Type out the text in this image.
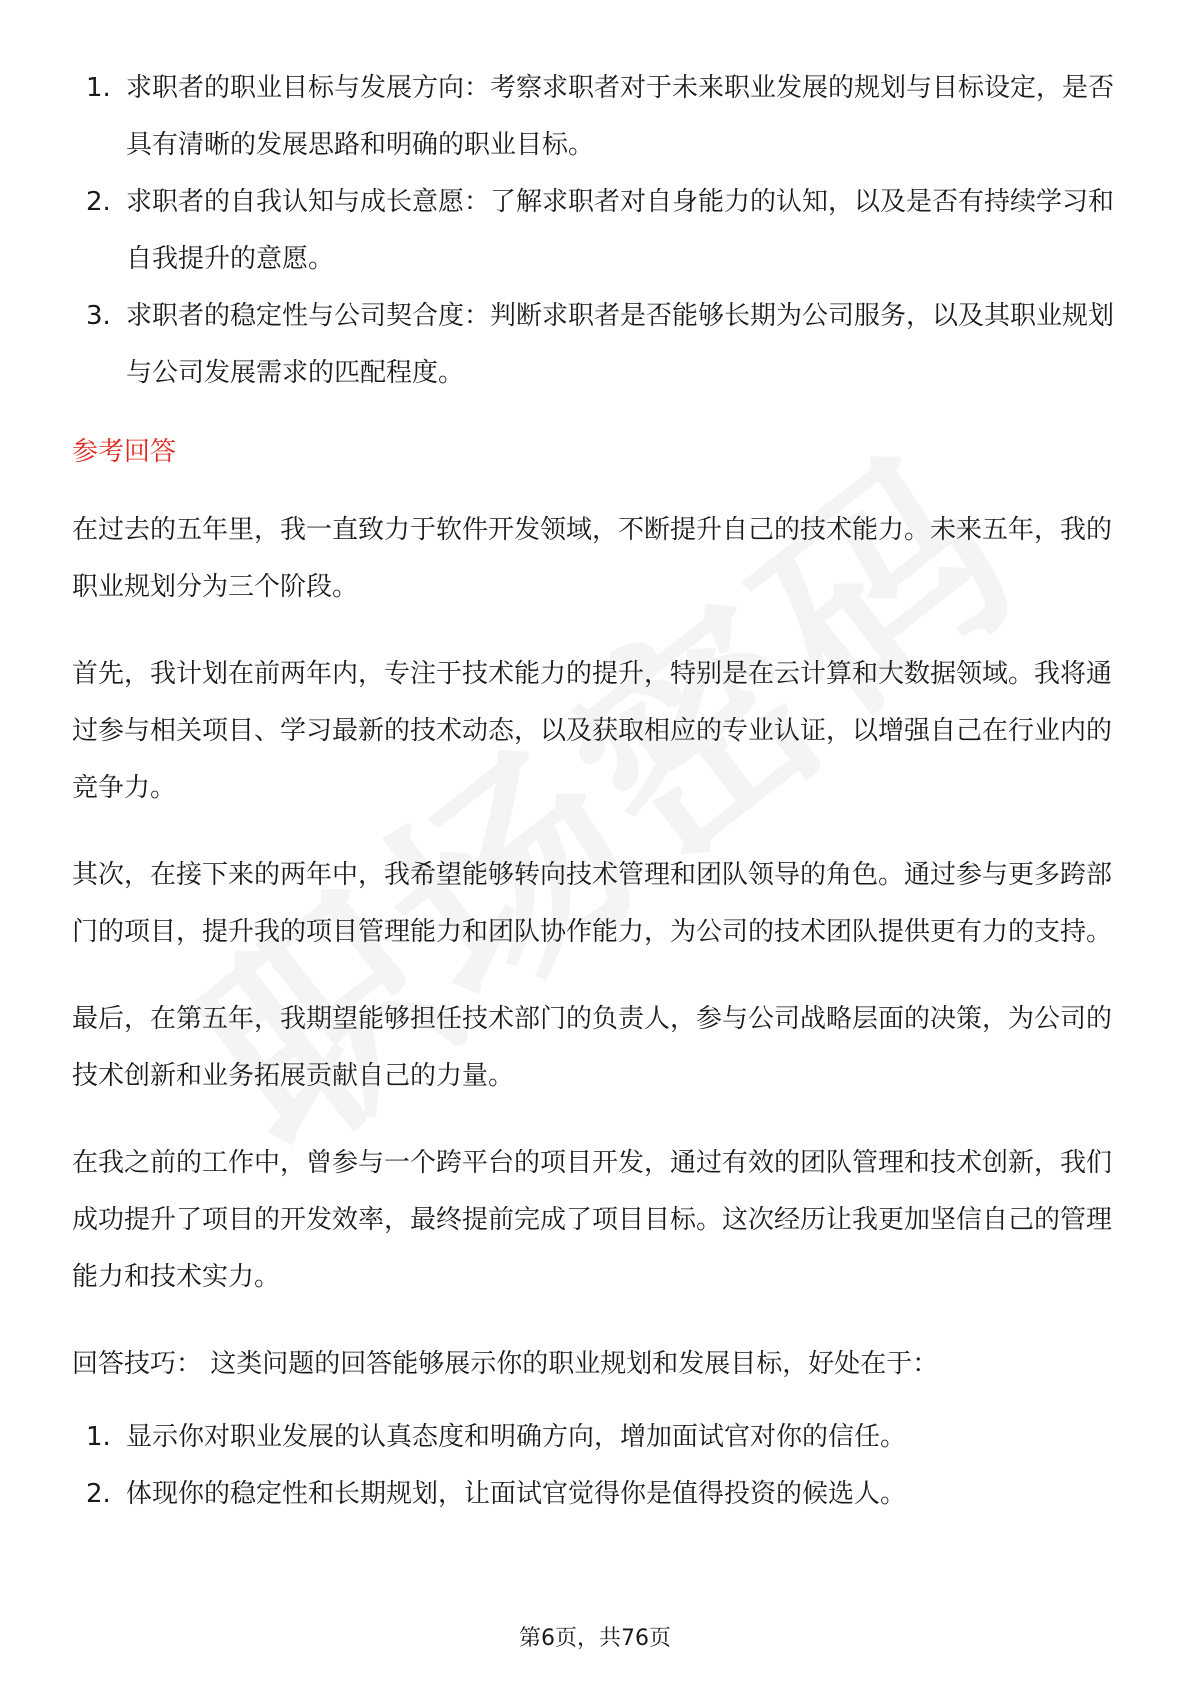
1. 求职者的职业目标与发展方向：考察求职者对于未来职业发展的规划与目标设定，是否具有清晰的发展思路和明确的职业目标。
2. 求职者的自我认知与成长意愿：了解求职者对自身能力的认知，以及是否有持续学习和自我提升的意愿。
3. 求职者的稳定性与公司契合度：判断求职者是否能够长期为公司服务，以及其职业规划与公司发展需求的匹配程度。
参考回答

在过去的五年里，我一直致力于软件开发领域，不断提升自己的技术能力。未来五年，我的职业规划分为三个阶段。

首先，我计划在前两年内，专注于技术能力的提升，特别是在云计算和大数据领域。我将通过参与相关项目、学习最新的技术动态，以及获取相应的专业认证，以增强自己在行业内的竞争力。

其次，在接下来的两年中，我希望能够转向技术管理和团队领导的角色。通过参与更多跨部门的项目，提升我的项目管理能力和团队协作能力，为公司的技术团队提供更有力的支持。

最后，在第五年，我期望能够担任技术部门的负责人，参与公司战略层面的决策，为公司的技术创新和业务拓展贡献自己的力量。

在我之前的工作中，曾参与一个跨平台的项目开发，通过有效的团队管理和技术创新，我们成功提升了项目的开发效率，最终提前完成了项目目标。这次经历让我更加坚信自己的管理能力和技术实力。

回答技巧： 这类问题的回答能够展示你的职业规划和发展目标，好处在于：

1. 显示你对职业发展的认真态度和明确方向，增加面试官对你的信任。
2. 体现你的稳定性和长期规划，让面试官觉得你是值得投资的候选人。
第6页，共76页
